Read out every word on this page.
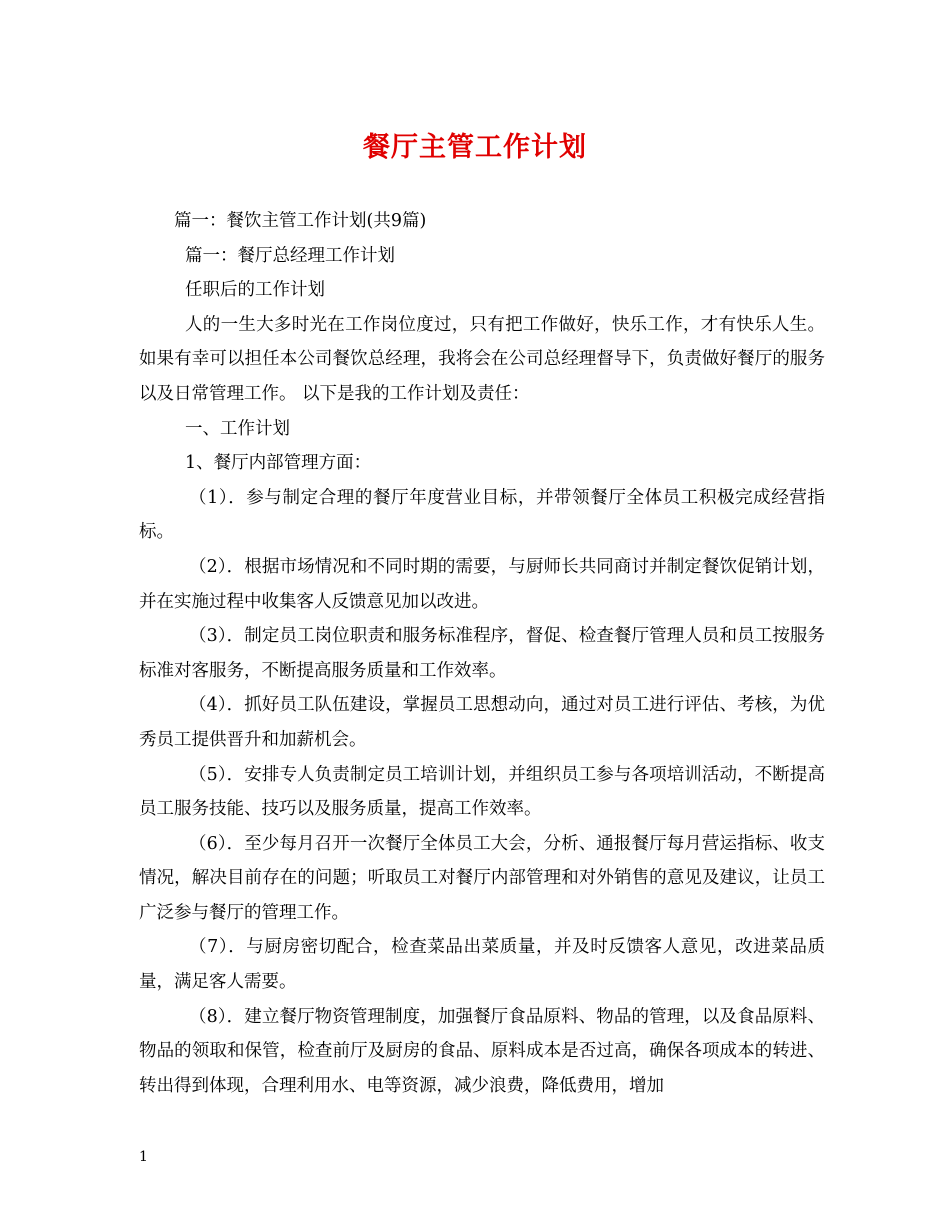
餐厅主管工作计划

篇一：餐饮主管工作计划(共9篇)

篇一：餐厅总经理工作计划

任职后的工作计划

人的一生大多时光在工作岗位度过，只有把工作做好，快乐工作，才有快乐人生。如果有幸可以担任本公司餐饮总经理，我将会在公司总经理督导下，负责做好餐厅的服务以及日常管理工作。 以下是我的工作计划及责任：

一、工作计划

1、餐厅内部管理方面：

（1）．参与制定合理的餐厅年度营业目标，并带领餐厅全体员工积极完成经营指标。

（2）．根据市场情况和不同时期的需要，与厨师长共同商讨并制定餐饮促销计划，并在实施过程中收集客人反馈意见加以改进。

（3）．制定员工岗位职责和服务标准程序，督促、检查餐厅管理人员和员工按服务标准对客服务，不断提高服务质量和工作效率。

（4）．抓好员工队伍建设，掌握员工思想动向，通过对员工进行评估、考核，为优秀员工提供晋升和加薪机会。

（5）．安排专人负责制定员工培训计划，并组织员工参与各项培训活动，不断提高员工服务技能、技巧以及服务质量，提高工作效率。

（6）．至少每月召开一次餐厅全体员工大会，分析、通报餐厅每月营运指标、收支情况，解决目前存在的问题；听取员工对餐厅内部管理和对外销售的意见及建议，让员工广泛参与餐厅的管理工作。

（7）．与厨房密切配合，检查菜品出菜质量，并及时反馈客人意见，改进菜品质量，满足客人需要。

（8）．建立餐厅物资管理制度，加强餐厅食品原料、物品的管理，以及食品原料、物品的领取和保管，检查前厅及厨房的食品、原料成本是否过高，确保各项成本的转进、转出得到体现，合理利用水、电等资源，减少浪费，降低费用，增加

1
